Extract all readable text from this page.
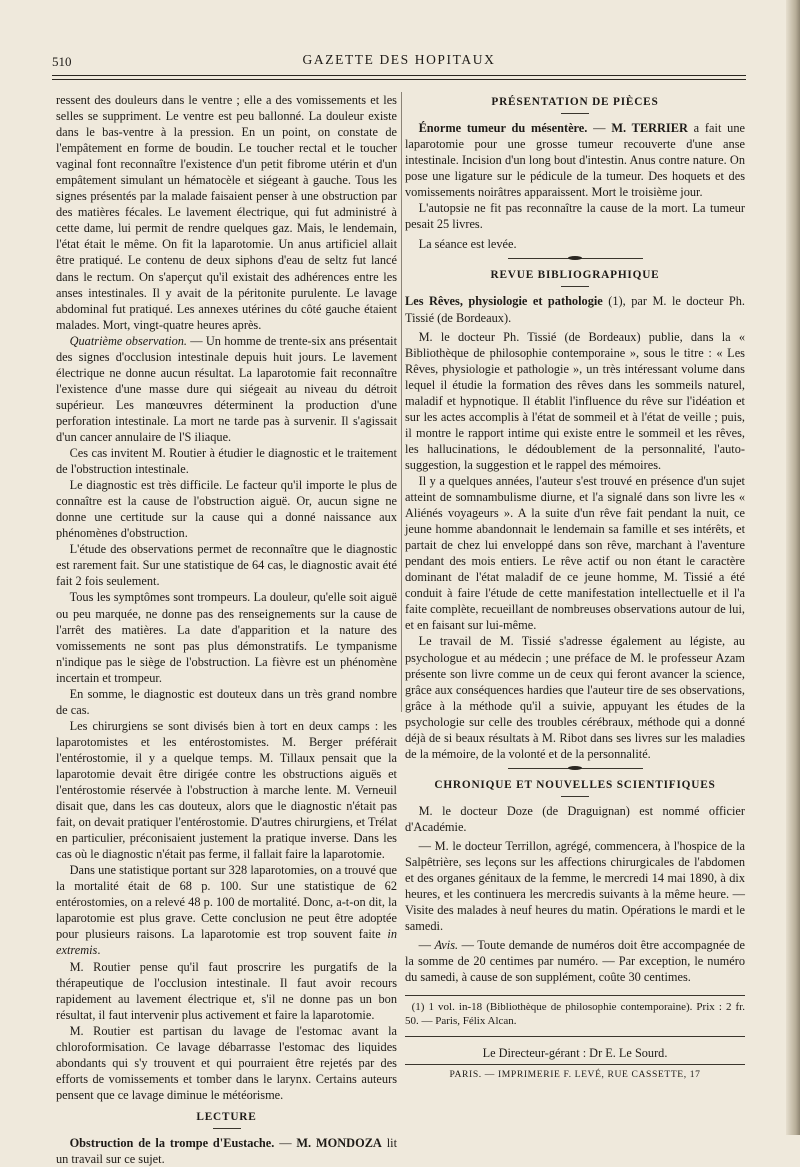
510	GAZETTE DES HOPITAUX

ressent des douleurs dans le ventre ; elle a des vomissements et les selles se suppriment. Le ventre est peu ballonné. La douleur existe dans le bas-ventre à la pression. En un point, on constate de l'empâtement en forme de boudin. Le toucher rectal et le toucher vaginal font reconnaître l'existence d'un petit fibrome utérin et d'un empâtement simulant un hématocèle et siégeant à gauche. Tous les signes présentés par la malade faisaient penser à une obstruction par des matières fécales. Le lavement électrique, qui fut administré à cette dame, lui permit de rendre quelques gaz. Mais, le lendemain, l'état était le même. On fit la laparotomie. Un anus artificiel allait être pratiqué. Le contenu de deux siphons d'eau de seltz fut lancé dans le rectum. On s'aperçut qu'il existait des adhérences entre les anses intestinales. Il y avait de la péritonite purulente. Le lavage abdominal fut pratiqué. Les annexes utérines du côté gauche étaient malades. Mort, vingt-quatre heures après.

Quatrième observation. — Un homme de trente-six ans présentait des signes d'occlusion intestinale depuis huit jours. Le lavement électrique ne donne aucun résultat. La laparotomie fait reconnaître l'existence d'une masse dure qui siégeait au niveau du détroit supérieur. Les manœuvres déterminent la production d'une perforation intestinale. La mort ne tarde pas à survenir. Il s'agissait d'un cancer annulaire de l'S iliaque.

Ces cas invitent M. Routier à étudier le diagnostic et le traitement de l'obstruction intestinale.

Le diagnostic est très difficile. Le facteur qu'il importe le plus de connaître est la cause de l'obstruction aiguë. Or, aucun signe ne donne une certitude sur la cause qui a donné naissance aux phénomènes d'obstruction.

L'étude des observations permet de reconnaître que le diagnostic est rarement fait. Sur une statistique de 64 cas, le diagnostic avait été fait 2 fois seulement.

Tous les symptômes sont trompeurs. La douleur, qu'elle soit aiguë ou peu marquée, ne donne pas des renseignements sur la cause de l'arrêt des matières. La date d'apparition et la nature des vomissements ne sont pas plus démonstratifs. Le tympanisme n'indique pas le siège de l'obstruction. La fièvre est un phénomène incertain et trompeur.

En somme, le diagnostic est douteux dans un très grand nombre de cas.

Les chirurgiens se sont divisés bien à tort en deux camps : les laparotomistes et les entérostomistes. M. Berger préférait l'entérostomie, il y a quelque temps. M. Tillaux pensait que la laparotomie devait être dirigée contre les obstructions aiguës et l'entérostomie réservée à l'obstruction à marche lente. M. Verneuil disait que, dans les cas douteux, alors que le diagnostic n'était pas fait, on devait pratiquer l'entérostomie. D'autres chirurgiens, et Trélat en particulier, préconisaient justement la pratique inverse. Dans les cas où le diagnostic n'était pas ferme, il fallait faire la laparotomie.

Dans une statistique portant sur 328 laparotomies, on a trouvé que la mortalité était de 68 p. 100. Sur une statistique de 62 entérostomies, on a relevé 48 p. 100 de mortalité. Donc, a-t-on dit, la laparotomie est plus grave. Cette conclusion ne peut être adoptée pour plusieurs raisons. La laparotomie est trop souvent faite in extremis.

M. Routier pense qu'il faut proscrire les purgatifs de la thérapeutique de l'occlusion intestinale. Il faut avoir recours rapidement au lavement électrique et, s'il ne donne pas un bon résultat, il faut intervenir plus activement et faire la laparotomie.

M. Routier est partisan du lavage de l'estomac avant la chloroformisation. Ce lavage débarrasse l'estomac des liquides abondants qui s'y trouvent et qui pourraient être rejetés par des efforts de vomissements et tomber dans le larynx. Certains auteurs pensent que ce lavage diminue le météorisme.

LECTURE

Obstruction de la trompe d'Eustache. — M. MONDOZA lit un travail sur ce sujet.

PRÉSENTATION DE PIÈCES

Énorme tumeur du mésentère. — M. TERRIER a fait une laparotomie pour une grosse tumeur recouverte d'une anse intestinale. Incision d'un long bout d'intestin. Anus contre nature. On pose une ligature sur le pédicule de la tumeur. Des hoquets et des vomissements noirâtres apparaissent. Mort le troisième jour.

L'autopsie ne fit pas reconnaître la cause de la mort. La tumeur pesait 25 livres.

La séance est levée.

REVUE BIBLIOGRAPHIQUE

Les Rêves, physiologie et pathologie (1), par M. le docteur Ph. Tissié (de Bordeaux).

M. le docteur Ph. Tissié (de Bordeaux) publie, dans la « Bibliothèque de philosophie contemporaine », sous le titre : « Les Rêves, physiologie et pathologie », un très intéressant volume dans lequel il étudie la formation des rêves dans les sommeils naturel, maladif et hypnotique. Il établit l'influence du rêve sur l'idéation et sur les actes accomplis à l'état de sommeil et à l'état de veille ; puis, il montre le rapport intime qui existe entre le sommeil et les rêves, les hallucinations, le dédoublement de la personnalité, l'auto-suggestion, la suggestion et le rappel des mémoires.

Il y a quelques années, l'auteur s'est trouvé en présence d'un sujet atteint de somnambulisme diurne, et l'a signalé dans son livre les « Aliénés voyageurs ». A la suite d'un rêve fait pendant la nuit, ce jeune homme abandonnait le lendemain sa famille et ses intérêts, et partait de chez lui enveloppé dans son rêve, marchant à l'aventure pendant des mois entiers. Le rêve actif ou non étant le caractère dominant de l'état maladif de ce jeune homme, M. Tissié a été conduit à faire l'étude de cette manifestation intellectuelle et il l'a faite complète, recueillant de nombreuses observations autour de lui, et en faisant sur lui-même.

Le travail de M. Tissié s'adresse également au légiste, au psychologue et au médecin ; une préface de M. le professeur Azam présente son livre comme un de ceux qui feront avancer la science, grâce aux conséquences hardies que l'auteur tire de ses observations, grâce à la méthode qu'il a suivie, appuyant les études de la psychologie sur celle des troubles cérébraux, méthode qui a donné déjà de si beaux résultats à M. Ribot dans ses livres sur les maladies de la mémoire, de la volonté et de la personnalité.

CHRONIQUE ET NOUVELLES SCIENTIFIQUES

M. le docteur Doze (de Draguignan) est nommé officier d'Académie.

— M. le docteur Terrillon, agrégé, commencera, à l'hospice de la Salpêtrière, ses leçons sur les affections chirurgicales de l'abdomen et des organes génitaux de la femme, le mercredi 14 mai 1890, à dix heures, et les continuera les mercredis suivants à la même heure. — Visite des malades à neuf heures du matin. Opérations le mardi et le samedi.

— Avis. — Toute demande de numéros doit être accompagnée de la somme de 20 centimes par numéro. — Par exception, le numéro du samedi, à cause de son supplément, coûte 30 centimes.

(1) 1 vol. in-18 (Bibliothèque de philosophie contemporaine). Prix : 2 fr. 50. — Paris, Félix Alcan.

Le Directeur-gérant : Dr E. Le Sourd.
PARIS. — IMPRIMERIE F. LEVÉ, RUE CASSETTE, 17
